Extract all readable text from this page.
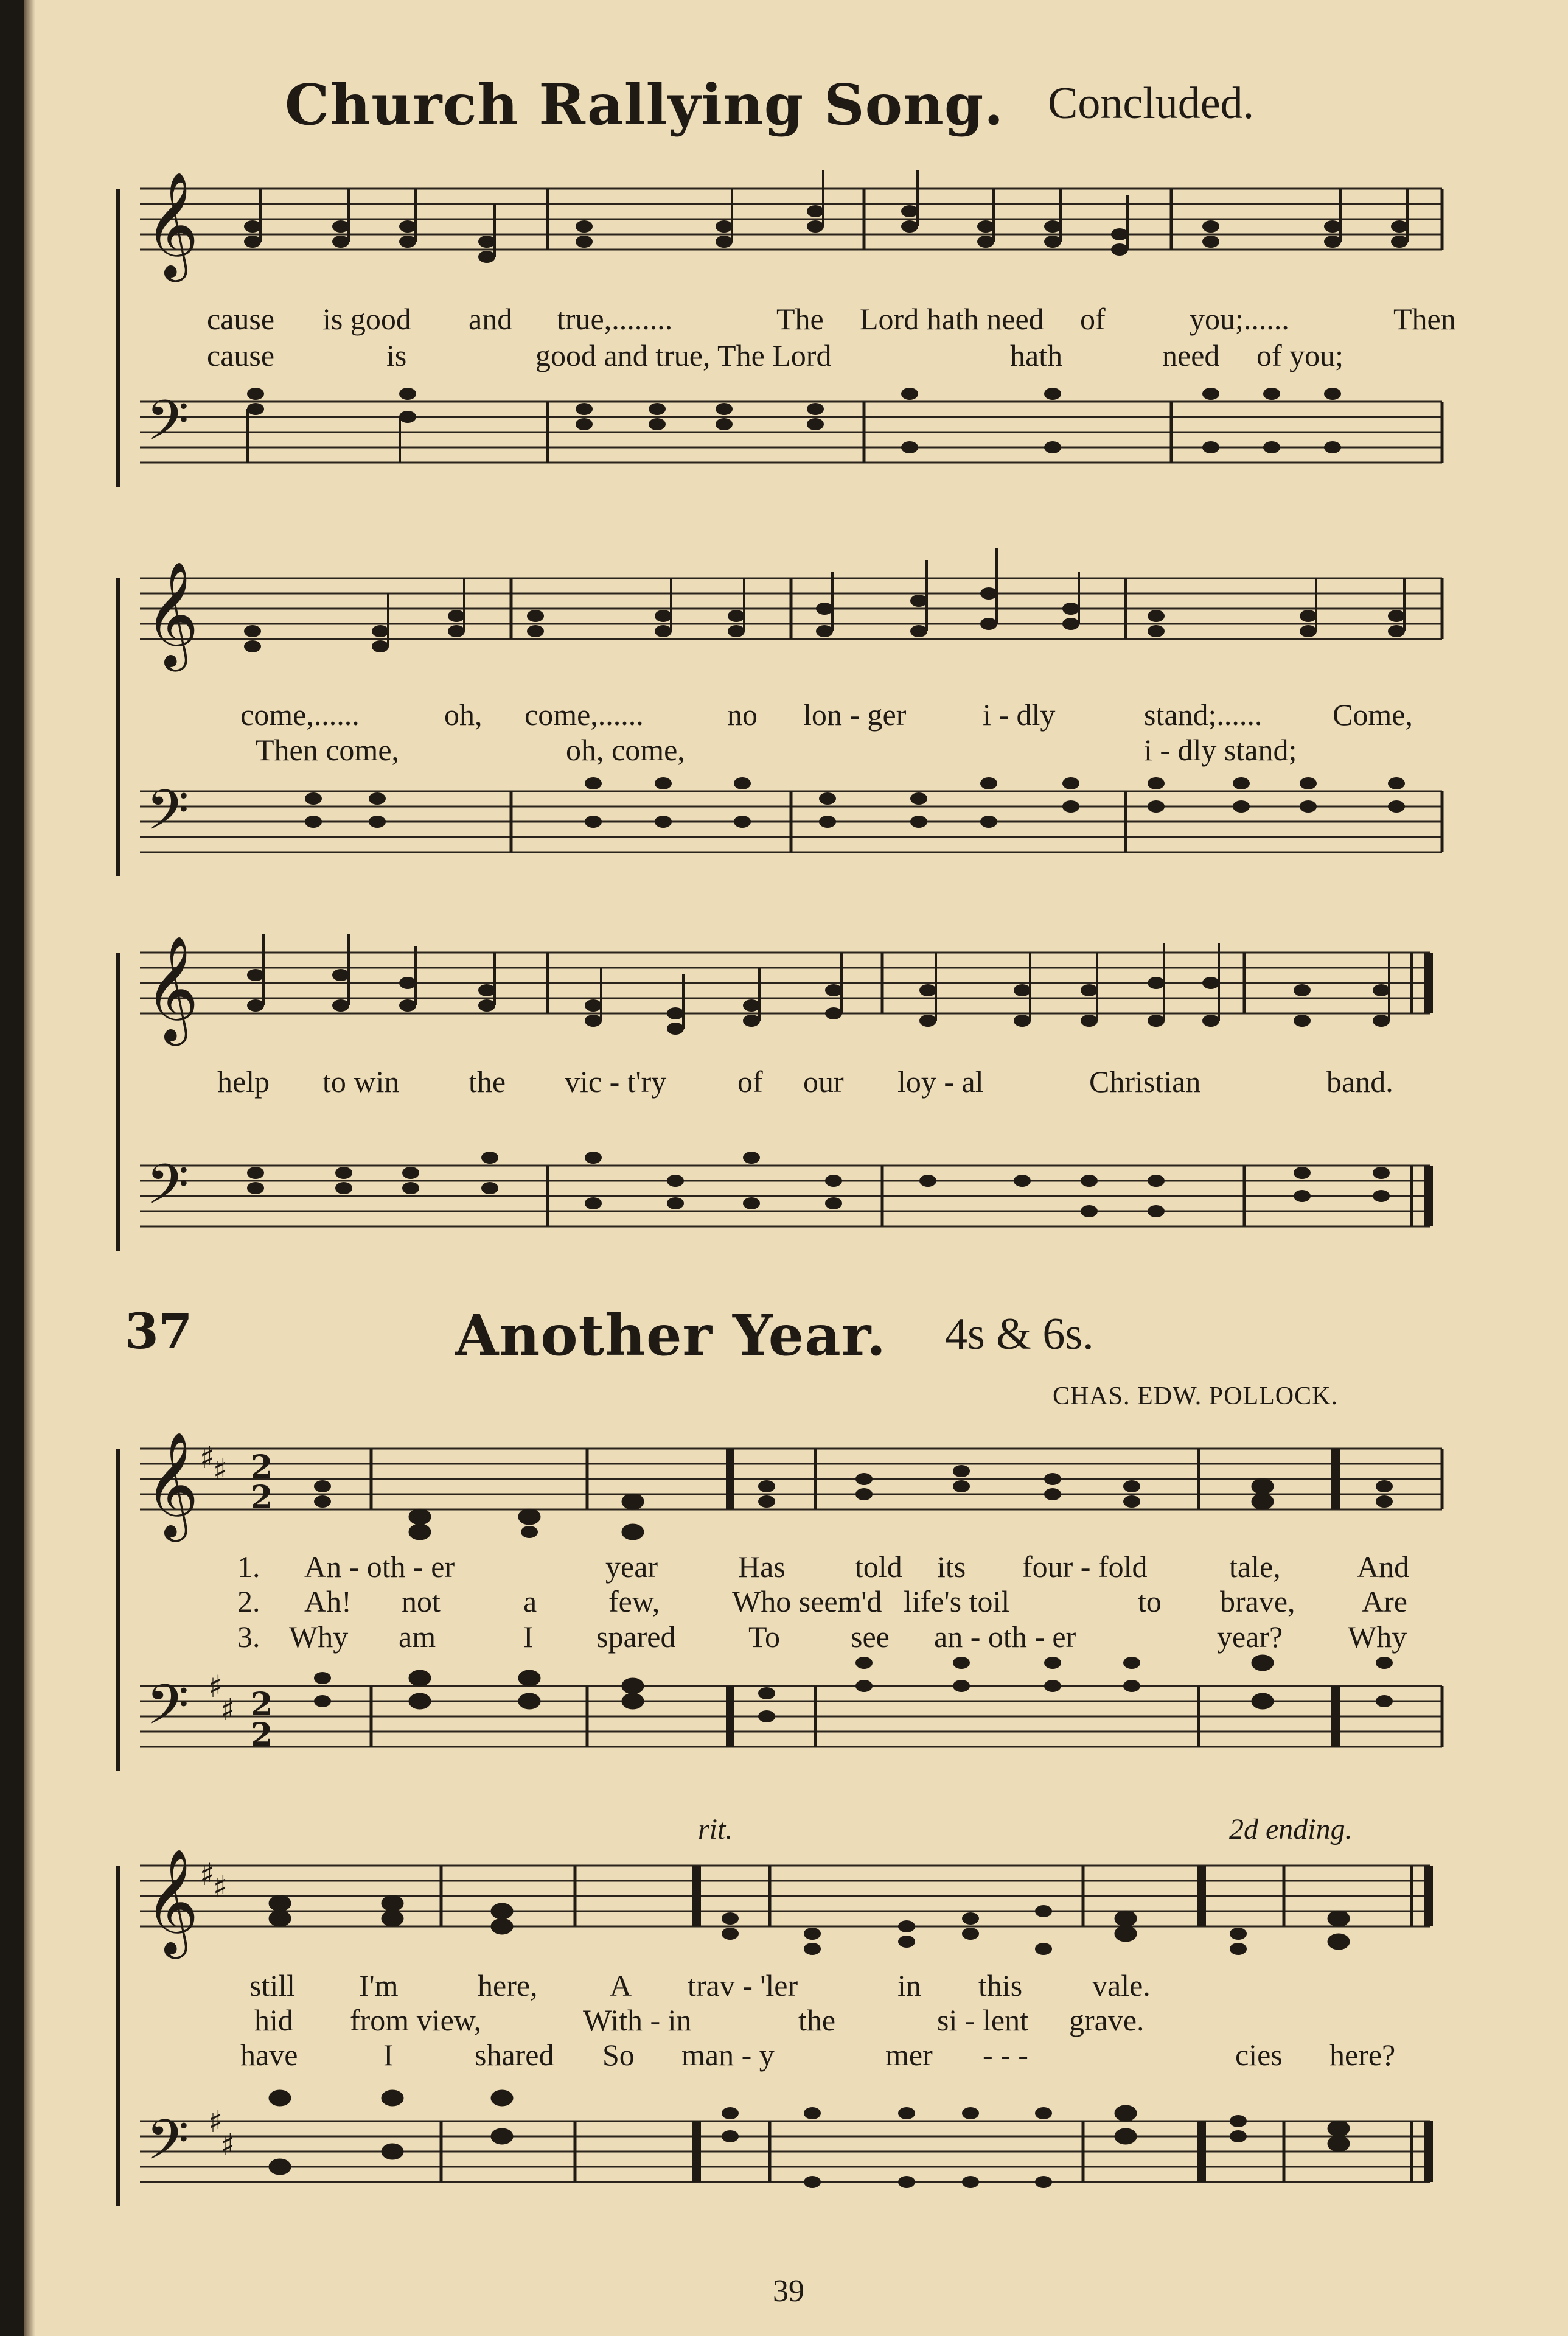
Church Rallying Song. Concluded.
𝄞
𝄢
cause is good and true,........	The Lord hath need of	you;......	Then
cause	is	good and true, The Lord	hath	need of you;
𝄞
𝄢
come,......	oh, come,......	no lon - ger	i - dly	stand;...... Come,
Then come,	oh, come,	i - dly stand;
𝄞
𝄢
help to win the vic - t'ry of our loy - al	Christian	band.
37	Another Year. 4s & 6s.
CHAS. EDW. POLLOCK.
𝄞 ♯
♯ 2
2
𝄢 ♯
♯ 2
2
1. An - oth - er	year	Has told its four - fold	tale,	And
2. Ah! not	a few, Who seem'd life's toil	to brave, Are
3. Why am	I spared To see an - oth - er	year? Why
rit.	2d ending.
𝄞 ♯
♯
𝄢 ♯
♯
still I'm	here, A trav - 'ler	in this vale.
hid from view,	With - in	the	si - lent grave.
have	I	shared So man - y	mer - - -	cies here?
39
